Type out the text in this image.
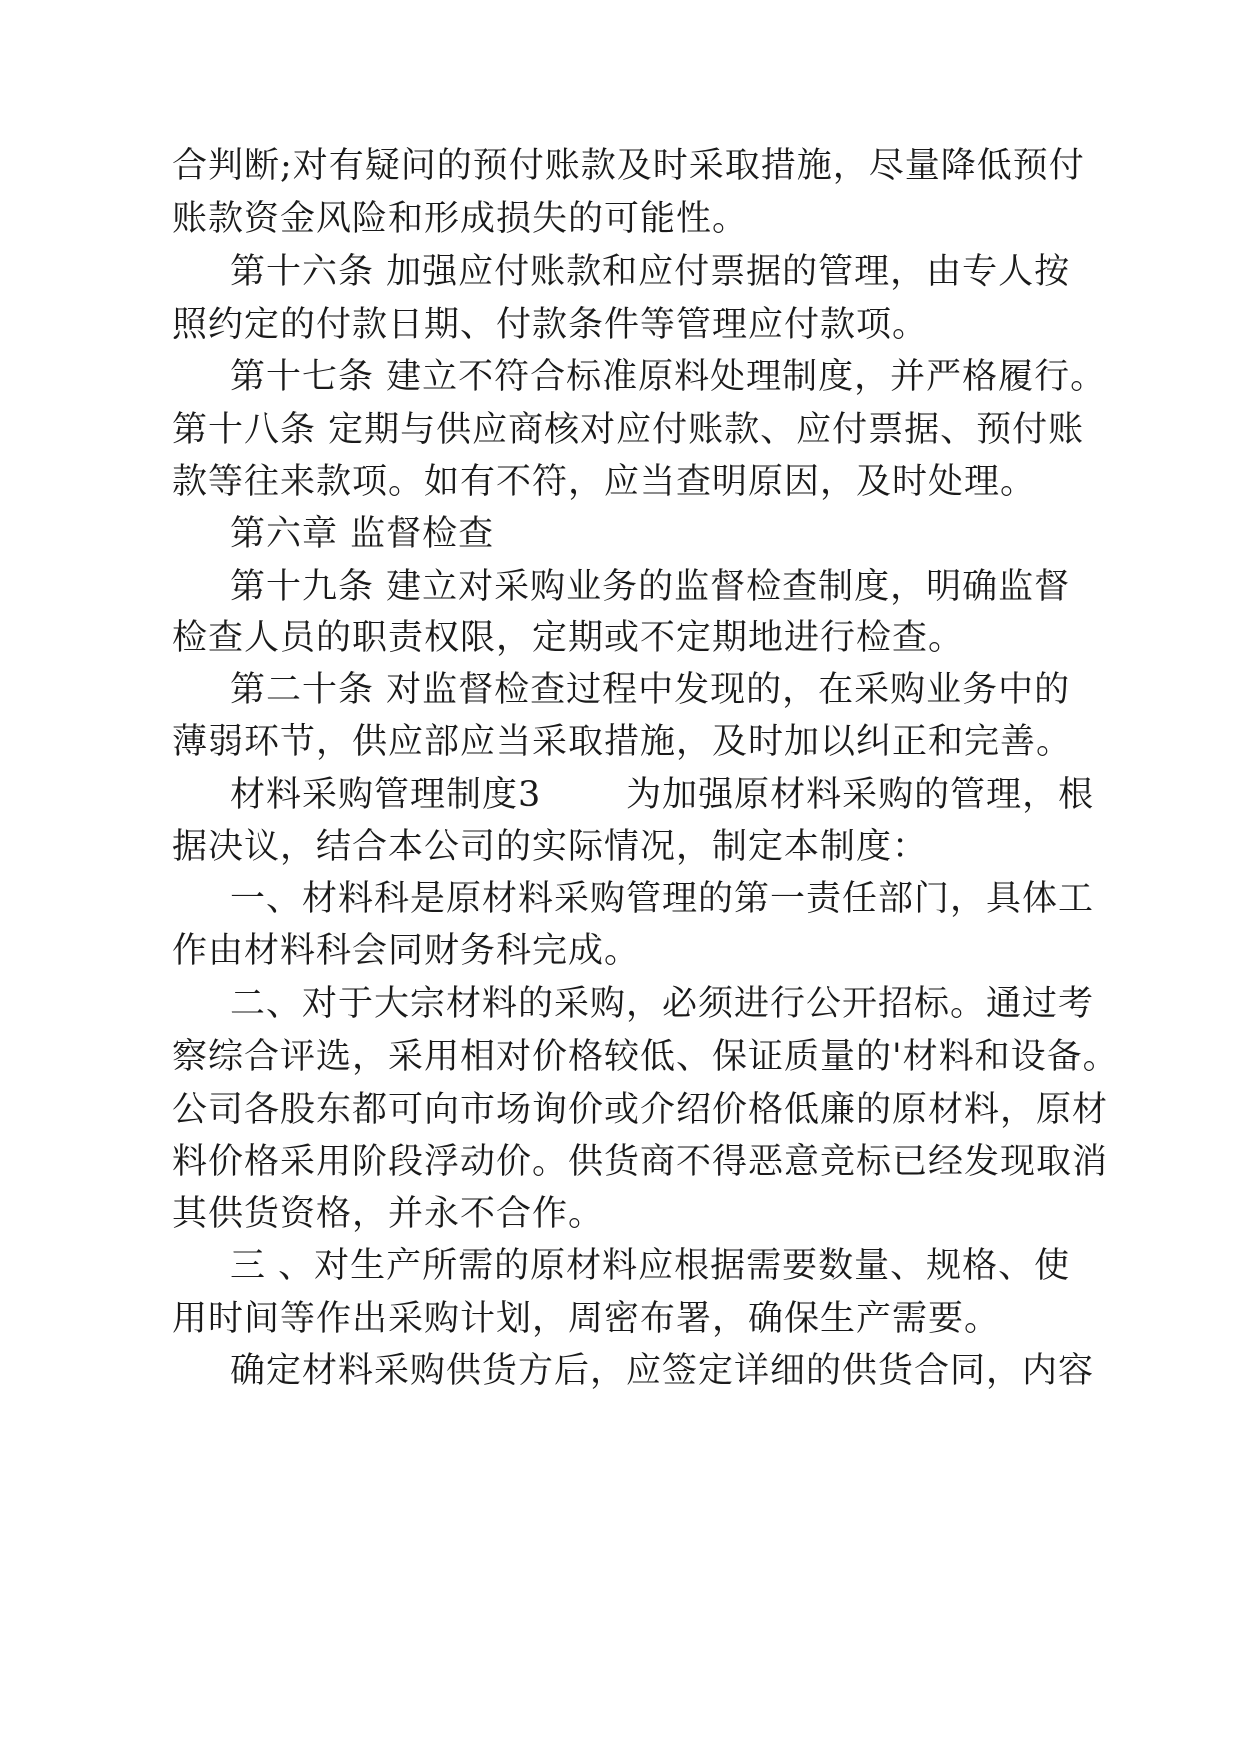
合判断;对有疑问的预付账款及时采取措施，尽量降低预付
账款资金风险和形成损失的可能性。
第十六条 加强应付账款和应付票据的管理，由专人按
照约定的付款日期、付款条件等管理应付款项。
第十七条 建立不符合标准原料处理制度，并严格履行。
第十八条 定期与供应商核对应付账款、应付票据、预付账
款等往来款项。如有不符，应当查明原因，及时处理。
第六章 监督检查
第十九条 建立对采购业务的监督检查制度，明确监督
检查人员的职责权限，定期或不定期地进行检查。
第二十条 对监督检查过程中发现的，在采购业务中的
薄弱环节，供应部应当采取措施，及时加以纠正和完善。
材料采购管理制度3       为加强原材料采购的管理，根
据决议，结合本公司的实际情况，制定本制度：
一、材料科是原材料采购管理的第一责任部门，具体工
作由材料科会同财务科完成。
二、对于大宗材料的采购，必须进行公开招标。通过考
察综合评选，采用相对价格较低、保证质量的'材料和设备。
公司各股东都可向市场询价或介绍价格低廉的原材料，原材
料价格采用阶段浮动价。供货商不得恶意竞标已经发现取消
其供货资格，并永不合作。
三 、对生产所需的原材料应根据需要数量、规格、使
用时间等作出采购计划，周密布署，确保生产需要。
确定材料采购供货方后，应签定详细的供货合同，内容
